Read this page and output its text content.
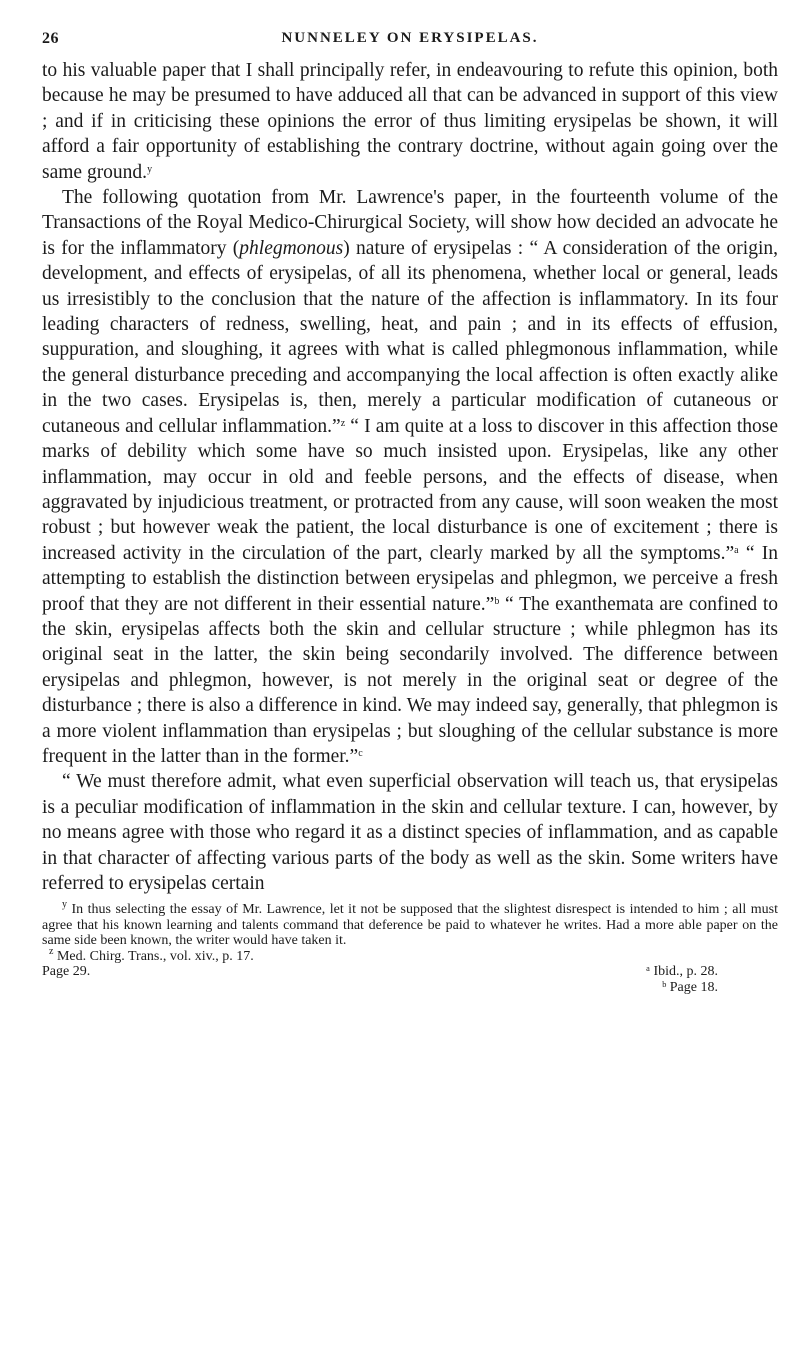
26	NUNNELEY ON ERYSIPELAS.

to his valuable paper that I shall principally refer, in endeavouring to refute this opinion, both because he may be presumed to have adduced all that can be advanced in support of this view ; and if in criticising these opinions the error of thus limiting erysipelas be shown, it will afford a fair opportunity of establishing the contrary doctrine, without again going over the same ground.$^y$

The following quotation from Mr. Lawrence's paper, in the fourteenth volume of the Transactions of the Royal Medico-Chirurgical Society, will show how decided an advocate he is for the inflammatory (phlegmonous) nature of erysipelas : “ A consideration of the origin, development, and effects of erysipelas, of all its phenomena, whether local or general, leads us irresistibly to the conclusion that the nature of the affection is inflammatory. In its four leading characters of redness, swelling, heat, and pain ; and in its effects of effusion, suppuration, and sloughing, it agrees with what is called phlegmonous inflammation, while the general disturbance preceding and accompanying the local affection is often exactly alike in the two cases. Erysipelas is, then, merely a particular modification of cutaneous or cutaneous and cellular inflammation.”$^z$ “ I am quite at a loss to discover in this affection those marks of debility which some have so much insisted upon. Erysipelas, like any other inflammation, may occur in old and feeble persons, and the effects of disease, when aggravated by injudicious treatment, or protracted from any cause, will soon weaken the most robust ; but however weak the patient, the local disturbance is one of excitement ; there is increased activity in the circulation of the part, clearly marked by all the symptoms.”$^a$ “ In attempting to establish the distinction between erysipelas and phlegmon, we perceive a fresh proof that they are not different in their essential nature.”$^b$ “ The exanthemata are confined to the skin, erysipelas affects both the skin and cellular structure ; while phlegmon has its original seat in the latter, the skin being secondarily involved. The difference between erysipelas and phlegmon, however, is not merely in the original seat or degree of the disturbance ; there is also a difference in kind. We may indeed say, generally, that phlegmon is a more violent inflammation than erysipelas ; but sloughing of the cellular substance is more frequent in the latter than in the former.”$^c$

“ We must therefore admit, what even superficial observation will teach us, that erysipelas is a peculiar modification of inflammation in the skin and cellular texture. I can, however, by no means agree with those who regard it as a distinct species of inflammation, and as capable in that character of affecting various parts of the body as well as the skin. Some writers have referred to erysipelas certain

$^y$ In thus selecting the essay of Mr. Lawrence, let it not be supposed that the slightest disrespect is intended to him ; all must agree that his known learning and talents command that deference be paid to whatever he writes. Had a more able paper on the same side been known, the writer would have taken it.

$^z$ Med. Chirg. Trans., vol. xiv., p. 17.
Page 29.	ᵃ Ibid., p. 28.
ᵇ Page 18.
